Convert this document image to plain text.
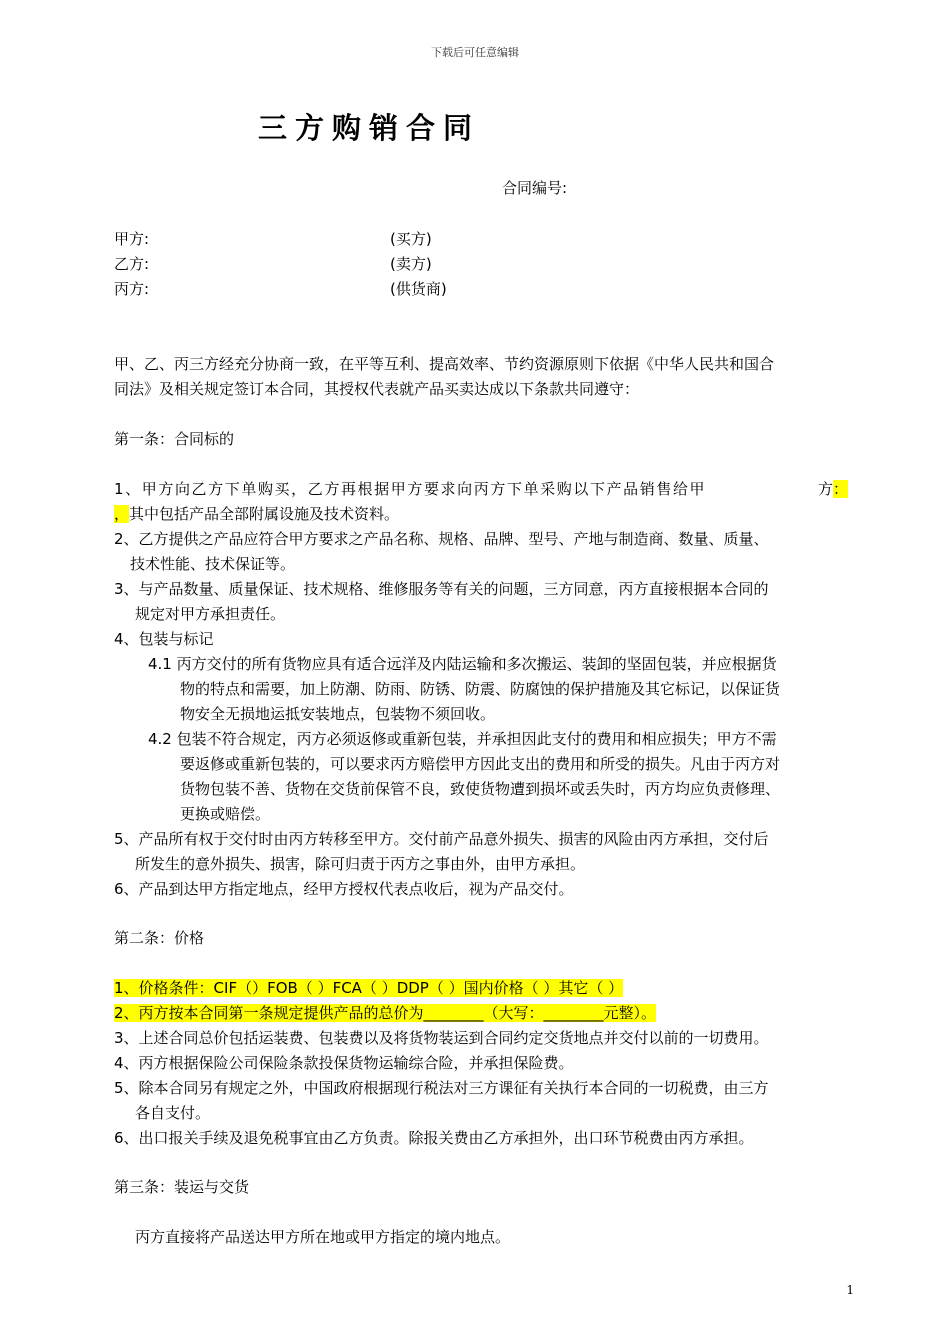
下载后可任意编辑
三方购销合同
合同编号:
甲方:	(买方)
乙方:	(卖方)
丙方:	(供货商)
甲、乙、丙三方经充分协商一致，在平等互利、提高效率、节约资源原则下依据《中华人民共和国合
同法》及相关规定签订本合同，其授权代表就产品买卖达成以下条款共同遵守：
第一条：合同标的
1、甲方向乙方下单购买，乙方再根据甲方要求向丙方下单采购以下产品销售给甲	方：
，其中包括产品全部附属设施及技术资料。
2、乙方提供之产品应符合甲方要求之产品名称、规格、品牌、型号、产地与制造商、数量、质量、
技术性能、技术保证等。
3、与产品数量、质量保证、技术规格、维修服务等有关的问题，三方同意，丙方直接根据本合同的
规定对甲方承担责任。
4、包装与标记
4.1 丙方交付的所有货物应具有适合远洋及内陆运输和多次搬运、装卸的坚固包装，并应根据货
物的特点和需要，加上防潮、防雨、防锈、防震、防腐蚀的保护措施及其它标记，以保证货
物安全无损地运抵安装地点，包装物不须回收。
4.2 包装不符合规定，丙方必须返修或重新包装，并承担因此支付的费用和相应损失；甲方不需
要返修或重新包装的，可以要求丙方赔偿甲方因此支出的费用和所受的损失。凡由于丙方对
货物包装不善、货物在交货前保管不良，致使货物遭到损坏或丢失时，丙方均应负责修理、
更换或赔偿。
5、产品所有权于交付时由丙方转移至甲方。交付前产品意外损失、损害的风险由丙方承担，交付后
所发生的意外损失、损害，除可归责于丙方之事由外，由甲方承担。
6、产品到达甲方指定地点，经甲方授权代表点收后，视为产品交付。
第二条：价格
1、价格条件：CIF（）FOB（ ）FCA（ ）DDP（ ）国内价格（ ）其它（ ）
2、丙方按本合同第一条规定提供产品的总价为________（大写：________元整）。
3、上述合同总价包括运装费、包装费以及将货物装运到合同约定交货地点并交付以前的一切费用。
4、丙方根据保险公司保险条款投保货物运输综合险，并承担保险费。
5、除本合同另有规定之外，中国政府根据现行税法对三方课征有关执行本合同的一切税费，由三方
各自支付。
6、出口报关手续及退免税事宜由乙方负责。除报关费由乙方承担外，出口环节税费由丙方承担。
第三条：装运与交货
丙方直接将产品送达甲方所在地或甲方指定的境内地点。
1
